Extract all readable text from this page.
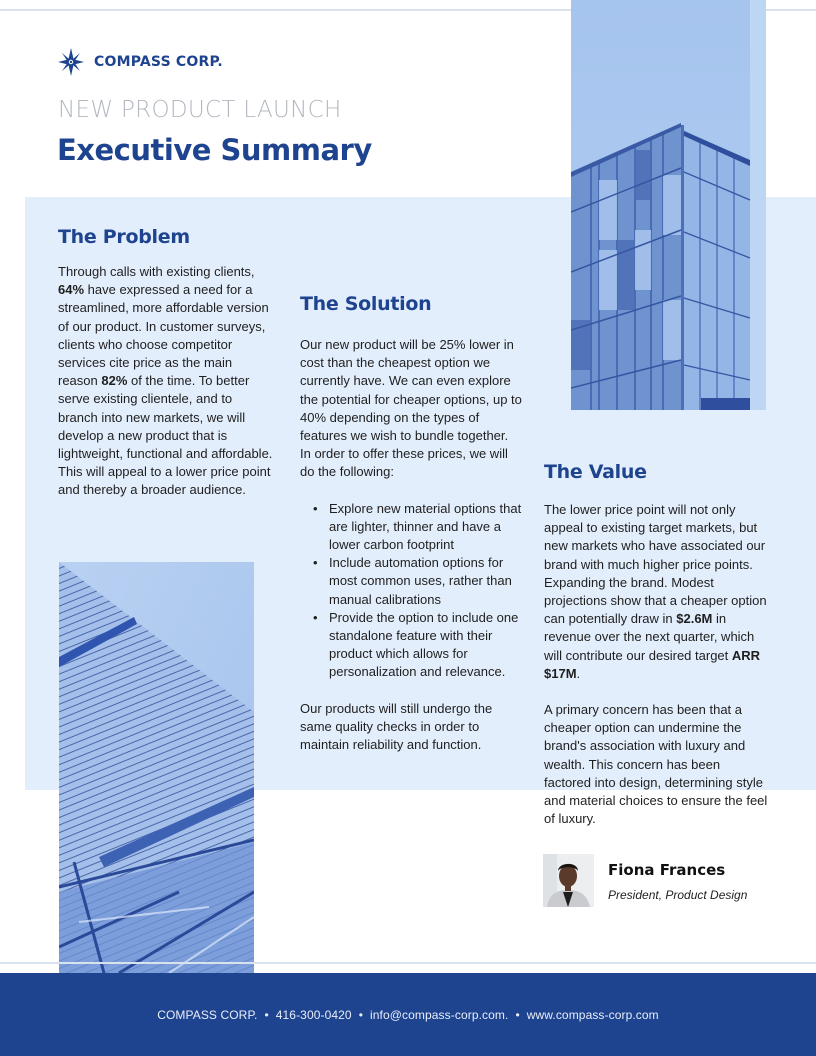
COMPASS CORP.
NEW PRODUCT LAUNCH
Executive Summary
The Problem

Through calls with existing clients, 64% have expressed a need for a streamlined, more affordable version of our product. In customer surveys, clients who choose competitor services cite price as the main reason 82% of the time. To better serve existing clientele, and to branch into new markets, we will develop a new product that is lightweight, functional and affordable. This will appeal to a lower price point and thereby a broader audience.

The Solution

Our new product will be 25% lower in cost than the cheapest option we currently have. We can even explore the potential for cheaper options, up to 40% depending on the types of features we wish to bundle together. In order to offer these prices, we will do the following:

• Explore new material options that are lighter, thinner and have a lower carbon footprint
• Include automation options for most common uses, rather than manual calibrations
• Provide the option to include one standalone feature with their product which allows for personalization and relevance.

Our products will still undergo the same quality checks in order to maintain reliability and function.

The Value

The lower price point will not only appeal to existing target markets, but new markets who have associated our brand with much higher price points. Expanding the brand. Modest projections show that a cheaper option can potentially draw in $2.6M in revenue over the next quarter, which will contribute our desired target ARR $17M.

A primary concern has been that a cheaper option can undermine the brand's association with luxury and wealth. This concern has been factored into design, determining style and material choices to ensure the feel of luxury.

Fiona Frances
President, Product Design
COMPASS CORP. • 416-300-0420 • info@compass-corp.com. • www.compass-corp.com
